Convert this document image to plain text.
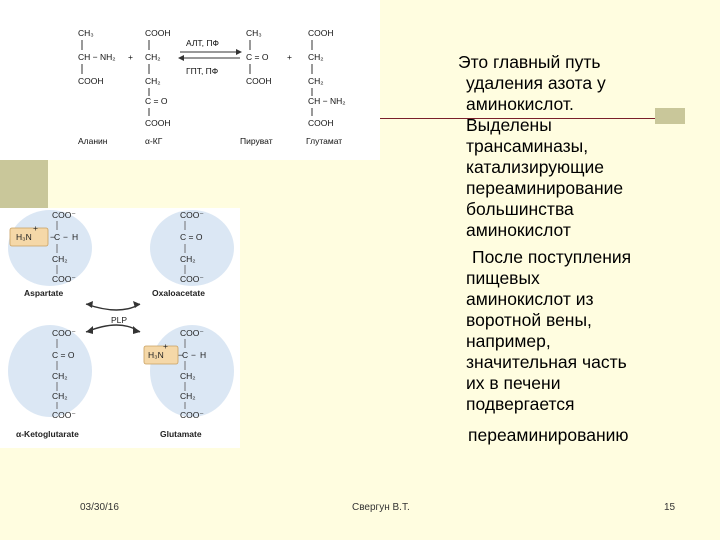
CH₃
CH − NH₂
COOH
Аланин
+
COOH
CH₂
CH₂
C = O
COOH
α-КГ
АЛТ, ПФ
ГПТ, ПФ
CH₃
C = O
COOH
Пируват
+
COOH
CH₂
CH₂
CH − NH₂
COOH
Глутамат
COO⁻
H₃N
+
− C − H
CH₂
COO⁻
Aspartate
COO⁻
C = O
CH₂
COO⁻
Oxaloacetate
PLP
COO⁻
C = O
CH₂
CH₂
COO⁻
α-Ketoglutarate
COO⁻
H₃N
+
− C − H
CH₂
CH₂
COO⁻
Glutamate

Это главный путь
удаления азота у
аминокислот.
Выделены
трансаминазы,
катализирующие
переаминирование
большинства
аминокислот

После поступления
пищевых
аминокислот из
воротной вены,
например,
значительная часть
их в печени
подвергается

переаминированию
03/30/16	Свергун В.Т.	15
